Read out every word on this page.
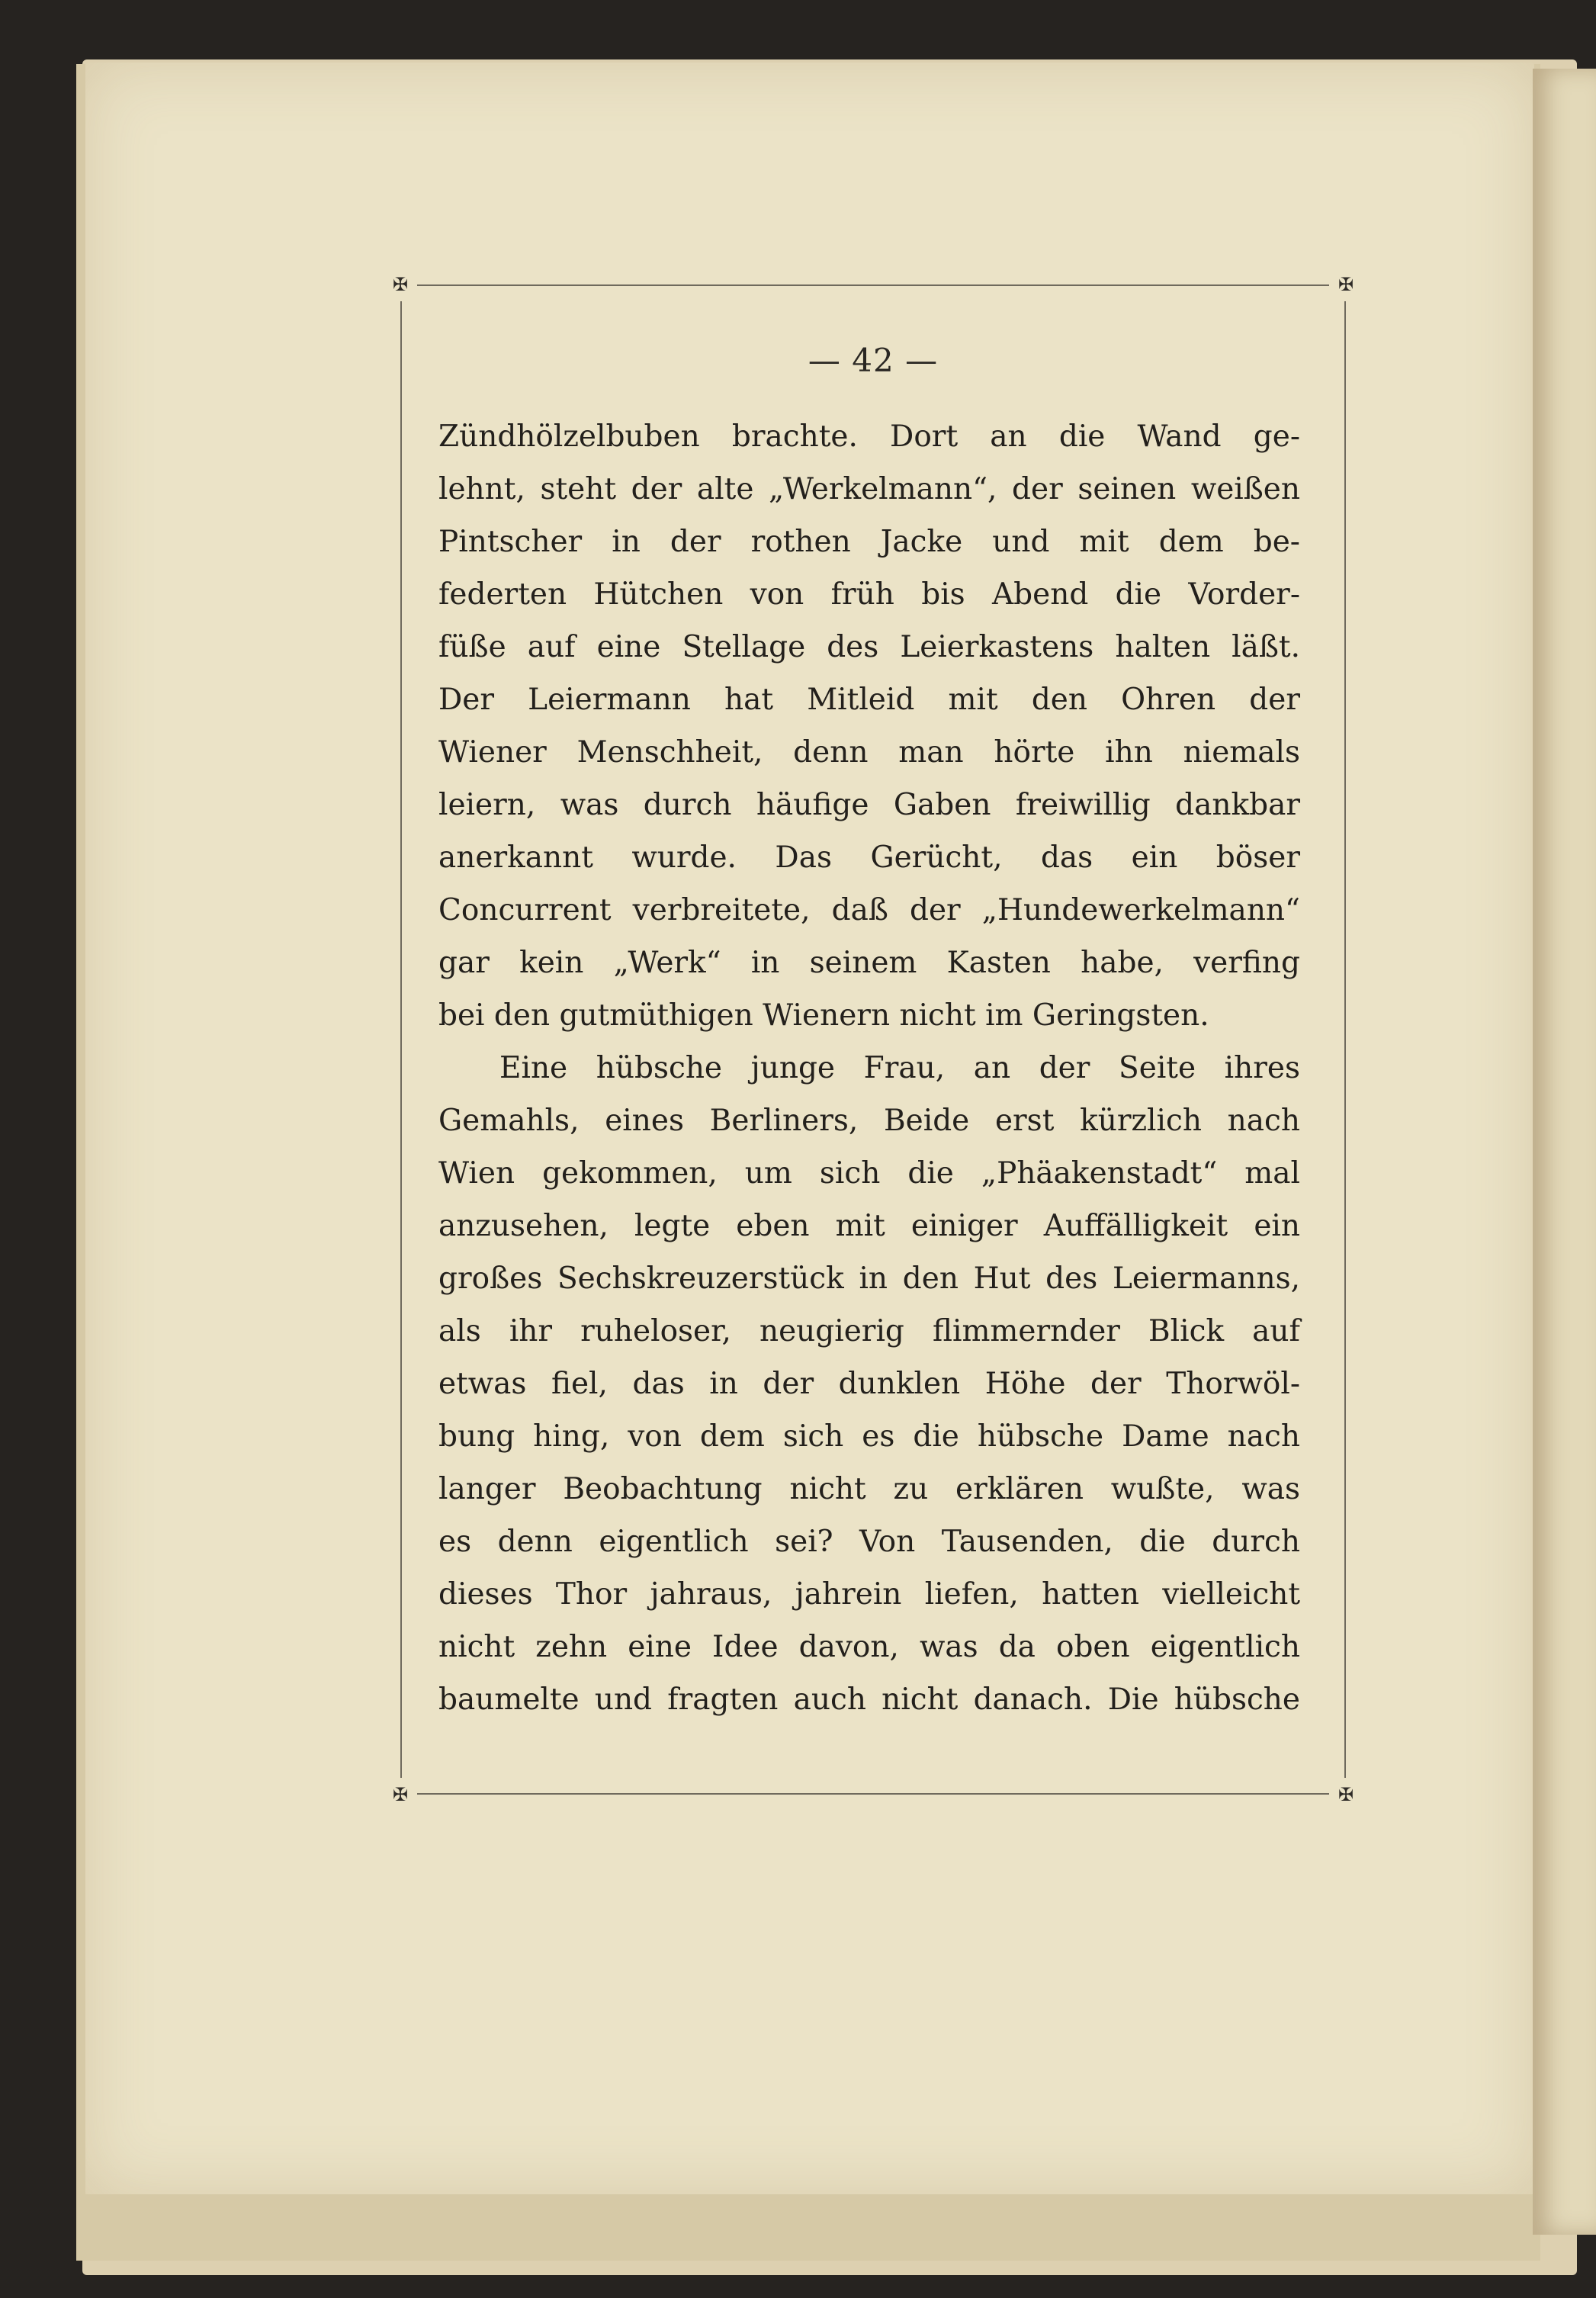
✠	✠
✠	✠
— 42 —
Zündhölzelbuben brachte. Dort an die Wand ge-
lehnt, steht der alte „Werkelmann“, der seinen weißen
Pintscher in der rothen Jacke und mit dem be-
federten Hütchen von früh bis Abend die Vorder-
füße auf eine Stellage des Leierkastens halten läßt.
Der Leiermann hat Mitleid mit den Ohren der
Wiener Menschheit, denn man hörte ihn niemals
leiern, was durch häufige Gaben freiwillig dankbar
anerkannt wurde. Das Gerücht, das ein böser
Concurrent verbreitete, daß der „Hundewerkelmann“
gar kein „Werk“ in seinem Kasten habe, verfing
bei den gutmüthigen Wienern nicht im Geringsten.
Eine hübsche junge Frau, an der Seite ihres
Gemahls, eines Berliners, Beide erst kürzlich nach
Wien gekommen, um sich die „Phäakenstadt“ mal
anzusehen, legte eben mit einiger Auffälligkeit ein
großes Sechskreuzerstück in den Hut des Leiermanns,
als ihr ruheloser, neugierig flimmernder Blick auf
etwas fiel, das in der dunklen Höhe der Thorwöl-
bung hing, von dem sich es die hübsche Dame nach
langer Beobachtung nicht zu erklären wußte, was
es denn eigentlich sei? Von Tausenden, die durch
dieses Thor jahraus, jahrein liefen, hatten vielleicht
nicht zehn eine Idee davon, was da oben eigentlich
baumelte und fragten auch nicht danach. Die hübsche
